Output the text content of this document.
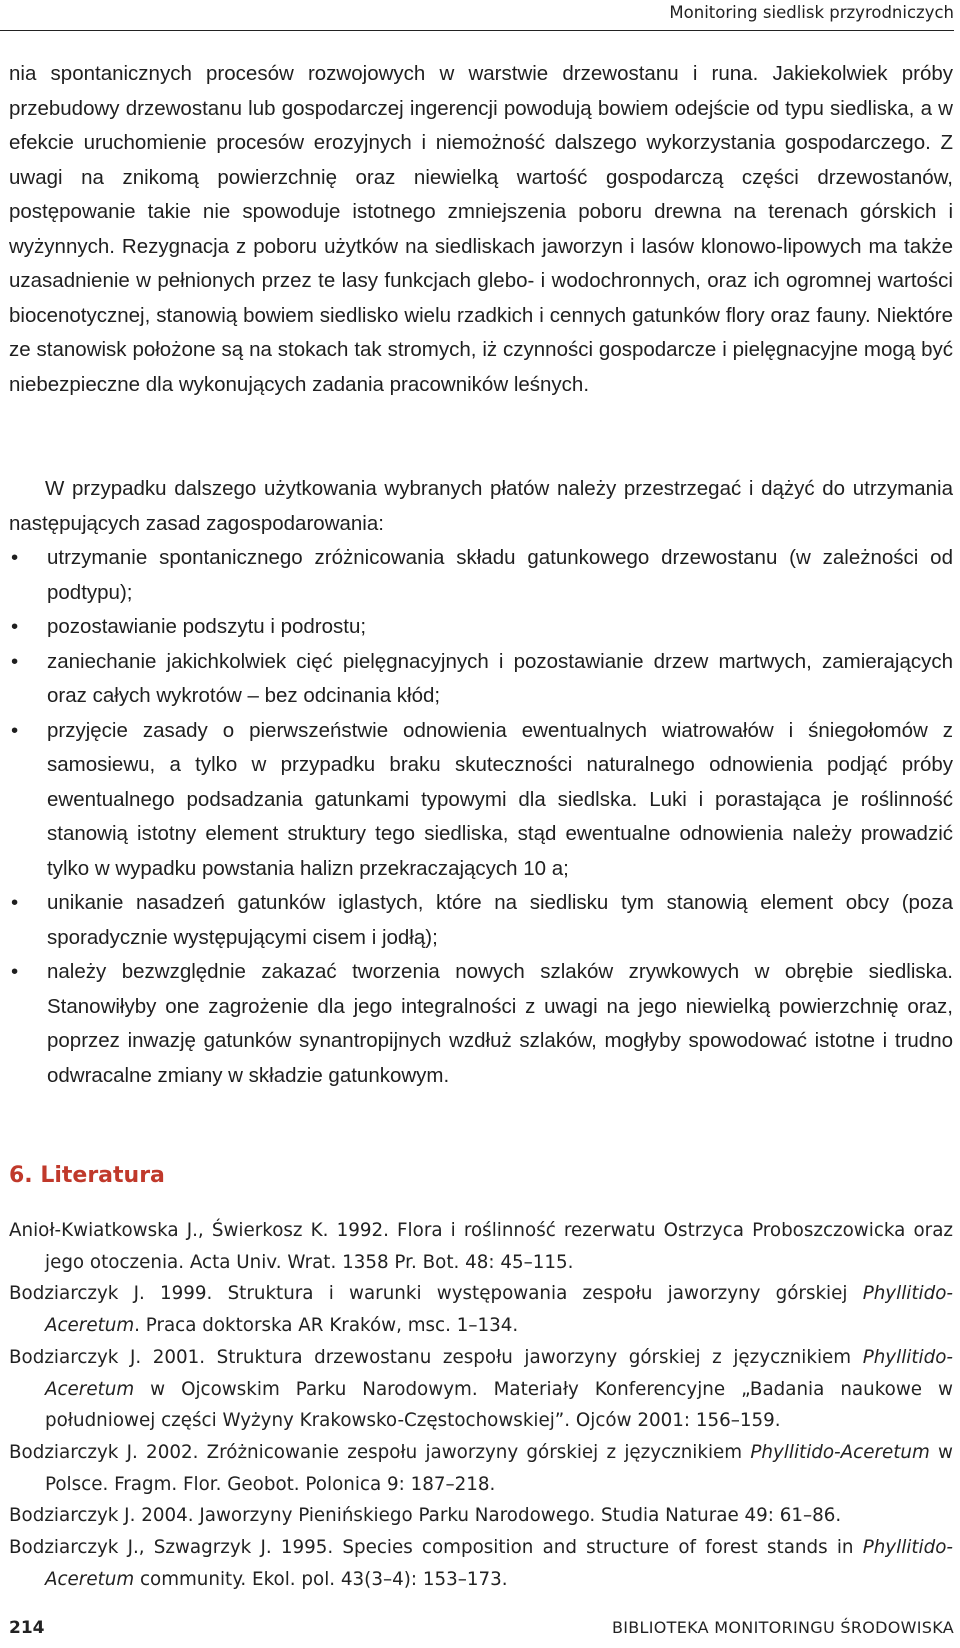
Monitoring siedlisk przyrodniczych

nia spontanicznych procesów rozwojowych w warstwie drzewostanu i runa. Jakiekolwiek próby przebudowy drzewostanu lub gospodarczej ingerencji powodują bowiem odejście od typu siedliska, a w efekcie uruchomienie procesów erozyjnych i niemożność dalszego wykorzystania gospodarczego. Z uwagi na znikomą powierzchnię oraz niewielką wartość gospodarczą części drzewostanów, postępowanie takie nie spowoduje istotnego zmniejszenia poboru drewna na terenach górskich i wyżynnych. Rezygnacja z poboru użytków na siedliskach jaworzyn i lasów klonowo-lipowych ma także uzasadnienie w pełnionych przez te lasy funkcjach glebo- i wodochronnych, oraz ich ogromnej wartości biocenotycznej, stanowią bowiem siedlisko wielu rzadkich i cennych gatunków flory oraz fauny. Niektóre ze stanowisk położone są na stokach tak stromych, iż czynności gospodarcze i pielęgnacyjne mogą być niebezpieczne dla wykonujących zadania pracowników leśnych.

W przypadku dalszego użytkowania wybranych płatów należy przestrzegać i dążyć do utrzymania następujących zasad zagospodarowania:

• utrzymanie spontanicznego zróżnicowania składu gatunkowego drzewostanu (w zależności od podtypu);
• pozostawianie podszytu i podrostu;
• zaniechanie jakichkolwiek cięć pielęgnacyjnych i pozostawianie drzew martwych, zamierających oraz całych wykrotów – bez odcinania kłód;
• przyjęcie zasady o pierwszeństwie odnowienia ewentualnych wiatrowałów i śniegołomów z samosiewu, a tylko w przypadku braku skuteczności naturalnego odnowienia podjąć próby ewentualnego podsadzania gatunkami typowymi dla siedlska. Luki i porastająca je roślinność stanowią istotny element struktury tego siedliska, stąd ewentualne odnowienia należy prowadzić tylko w wypadku powstania halizn przekraczających 10 a;
• unikanie nasadzeń gatunków iglastych, które na siedlisku tym stanowią element obcy (poza sporadycznie występującymi cisem i jodłą);
• należy bezwzględnie zakazać tworzenia nowych szlaków zrywkowych w obrębie siedliska. Stanowiłyby one zagrożenie dla jego integralności z uwagi na jego niewielką powierzchnię oraz, poprzez inwazję gatunków synantropijnych wzdłuż szlaków, mogłyby spowodować istotne i trudno odwracalne zmiany w składzie gatunkowym.
6. Literatura

Anioł-Kwiatkowska J., Świerkosz K. 1992. Flora i roślinność rezerwatu Ostrzyca Proboszczowicka oraz jego otoczenia. Acta Univ. Wrat. 1358 Pr. Bot. 48: 45–115.

Bodziarczyk J. 1999. Struktura i warunki występowania zespołu jaworzyny górskiej Phyllitido-Aceretum. Praca doktorska AR Kraków, msc. 1–134.

Bodziarczyk J. 2001. Struktura drzewostanu zespołu jaworzyny górskiej z języcznikiem Phyllitido-Aceretum w Ojcowskim Parku Narodowym. Materiały Konferencyjne „Badania naukowe w południowej części Wyżyny Krakowsko-Częstochowskiej”. Ojców 2001: 156–159.

Bodziarczyk J. 2002. Zróżnicowanie zespołu jaworzyny górskiej z języcznikiem Phyllitido-Aceretum w Polsce. Fragm. Flor. Geobot. Polonica 9: 187–218.

Bodziarczyk J. 2004. Jaworzyny Pienińskiego Parku Narodowego. Studia Naturae 49: 61–86.

Bodziarczyk J., Szwagrzyk J. 1995. Species composition and structure of forest stands in Phyllitido-Aceretum community. Ekol. pol. 43(3–4): 153–173.

214	BIBLIOTEKA MONITORINGU ŚRODOWISKA
